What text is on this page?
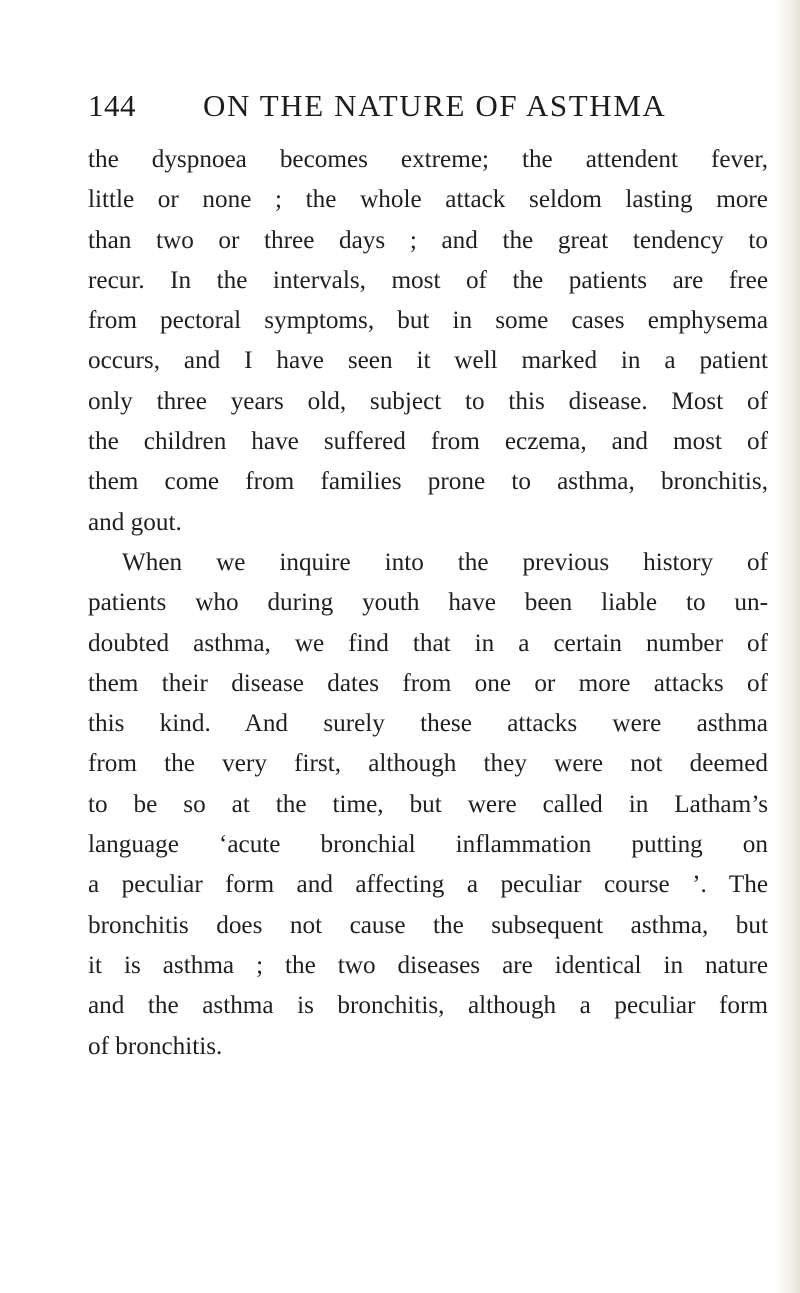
144 ON THE NATURE OF ASTHMA
the dyspnoea becomes extreme; the attendent fever,
little or none ; the whole attack seldom lasting more
than two or three days ; and the great tendency to
recur. In the intervals, most of the patients are free
from pectoral symptoms, but in some cases emphysema
occurs, and I have seen it well marked in a patient
only three years old, subject to this disease. Most of
the children have suffered from eczema, and most of
them come from families prone to asthma, bronchitis,
and gout.
When we inquire into the previous history of
patients who during youth have been liable to un-
doubted asthma, we find that in a certain number of
them their disease dates from one or more attacks of
this kind. And surely these attacks were asthma
from the very first, although they were not deemed
to be so at the time, but were called in Latham’s
language ‘acute bronchial inflammation putting on
a peculiar form and affecting a peculiar course ’. The
bronchitis does not cause the subsequent asthma, but
it is asthma ; the two diseases are identical in nature
and the asthma is bronchitis, although a peculiar form
of bronchitis.
